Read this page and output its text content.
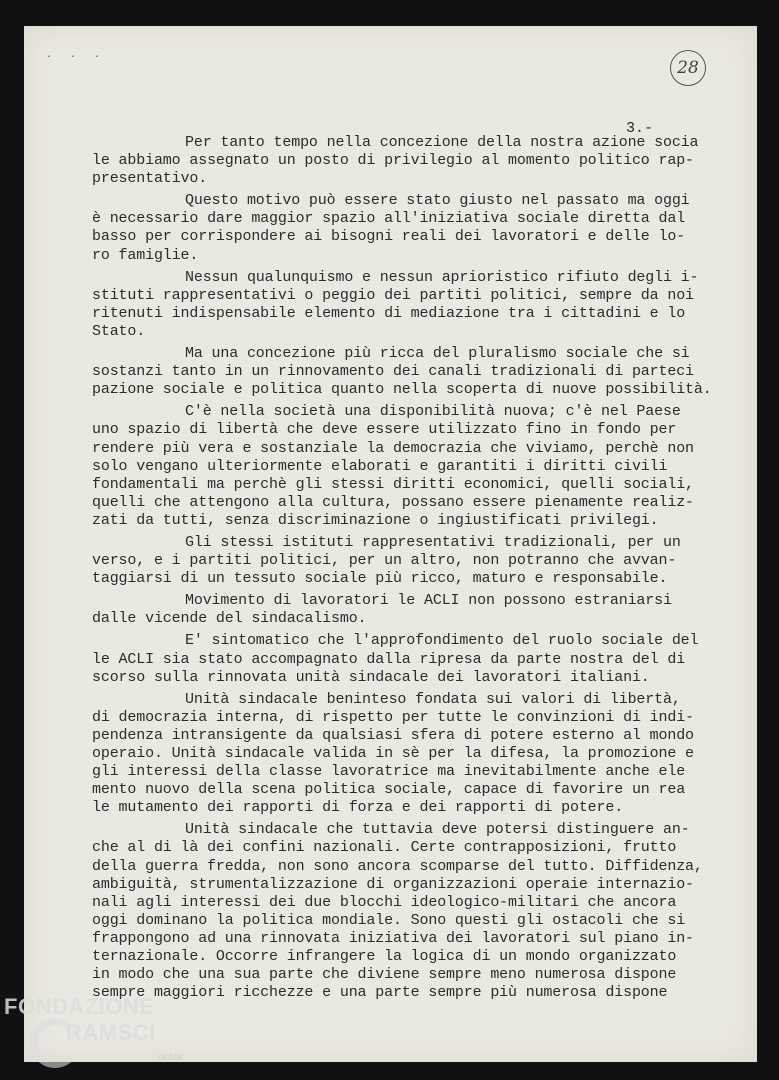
· · ·
28
3.-

Per tanto tempo nella concezione della nostra azione socia
le abbiamo assegnato un posto di privilegio al momento politico rap-
presentativo.

Questo motivo può essere stato giusto nel passato ma oggi
è necessario dare maggior spazio all'iniziativa sociale diretta dal
basso per corrispondere ai bisogni reali dei lavoratori e delle lo-
ro famiglie.

Nessun qualunquismo e nessun aprioristico rifiuto degli i-
stituti rappresentativi o peggio dei partiti politici, sempre da noi
ritenuti indispensabile elemento di mediazione tra i cittadini e lo
Stato.

Ma una concezione più ricca del pluralismo sociale che si
sostanzi tanto in un rinnovamento dei canali tradizionali di parteci
pazione sociale e politica quanto nella scoperta di nuove possibilità.

C'è nella società una disponibilità nuova; c'è nel Paese
uno spazio di libertà che deve essere utilizzato fino in fondo per
rendere più vera e sostanziale la democrazia che viviamo, perchè non
solo vengano ulteriormente elaborati e garantiti i diritti civili
fondamentali ma perchè gli stessi diritti economici, quelli sociali,
quelli che attengono alla cultura, possano essere pienamente realiz-
zati da tutti, senza discriminazione o ingiustificati privilegi.

Gli stessi istituti rappresentativi tradizionali, per un
verso, e i partiti politici, per un altro, non potranno che avvan-
taggiarsi di un tessuto sociale più ricco, maturo e responsabile.

Movimento di lavoratori le ACLI non possono estraniarsi
dalle vicende del sindacalismo.

E' sintomatico che l'approfondimento del ruolo sociale del
le ACLI sia stato accompagnato dalla ripresa da parte nostra del di
scorso sulla rinnovata unità sindacale dei lavoratori italiani.

Unità sindacale beninteso fondata sui valori di libertà,
di democrazia interna, di rispetto per tutte le convinzioni di indi-
pendenza intransigente da qualsiasi sfera di potere esterno al mondo
operaio. Unità sindacale valida in sè per la difesa, la promozione e
gli interessi della classe lavoratrice ma inevitabilmente anche ele
mento nuovo della scena politica sociale, capace di favorire un rea
le mutamento dei rapporti di forza e dei rapporti di potere.

Unità sindacale che tuttavia deve potersi distinguere an-
che al di là dei confini nazionali. Certe contrapposizioni, frutto
della guerra fredda, non sono ancora scomparse del tutto. Diffidenza,
ambiguità, strumentalizzazione di organizzazioni operaie internazio-
nali agli interessi dei due blocchi ideologico-militari che ancora
oggi dominano la politica mondiale. Sono questi gli ostacoli che si
frappongono ad una rinnovata iniziativa dei lavoratori sul piano in-
ternazionale. Occorre infrangere la logica di un mondo organizzato
in modo che una sua parte che diviene sempre meno numerosa dispone
sempre maggiori ricchezze e una parte sempre più numerosa dispone

FONDAZIONE
RAMSCI
onlus
